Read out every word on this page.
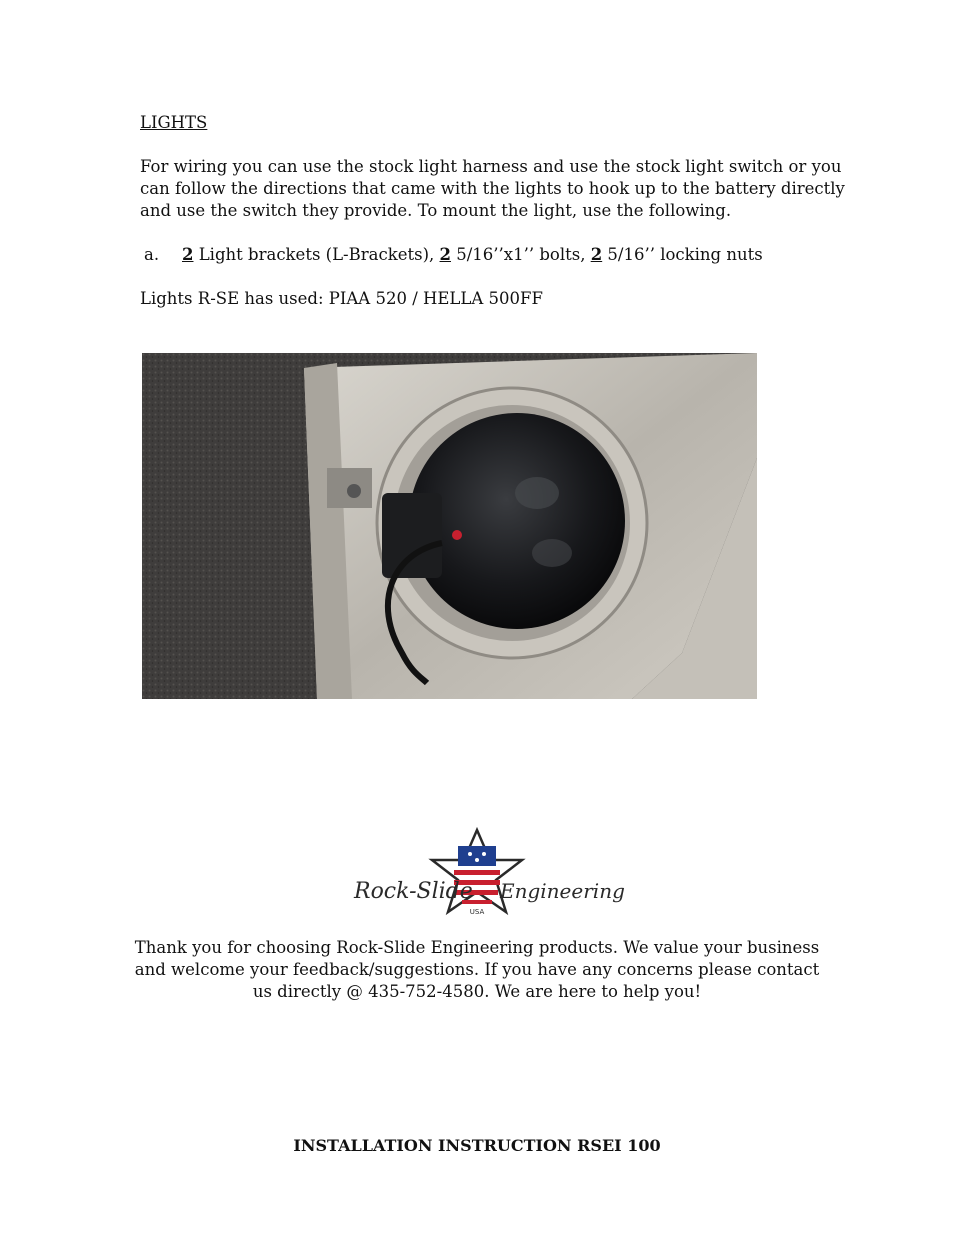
LIGHTS
For wiring you can use the stock light harness and use the stock light switch or you
can follow the directions that came with the lights to hook up to the battery directly
and use the switch they provide. To mount the light, use the following.
a. 2 Light brackets (L-Brackets), 2 5/16’’x1’’ bolts, 2 5/16’’ locking nuts
Lights R-SE has used: PIAA 520 / HELLA 500FF
Rock-Slide Engineering
USA
Thank you for choosing Rock-Slide Engineering products. We value your business
and welcome your feedback/suggestions. If you have any concerns please contact
us directly @ 435-752-4580. We are here to help you!
INSTALLATION INSTRUCTION RSEI 100
